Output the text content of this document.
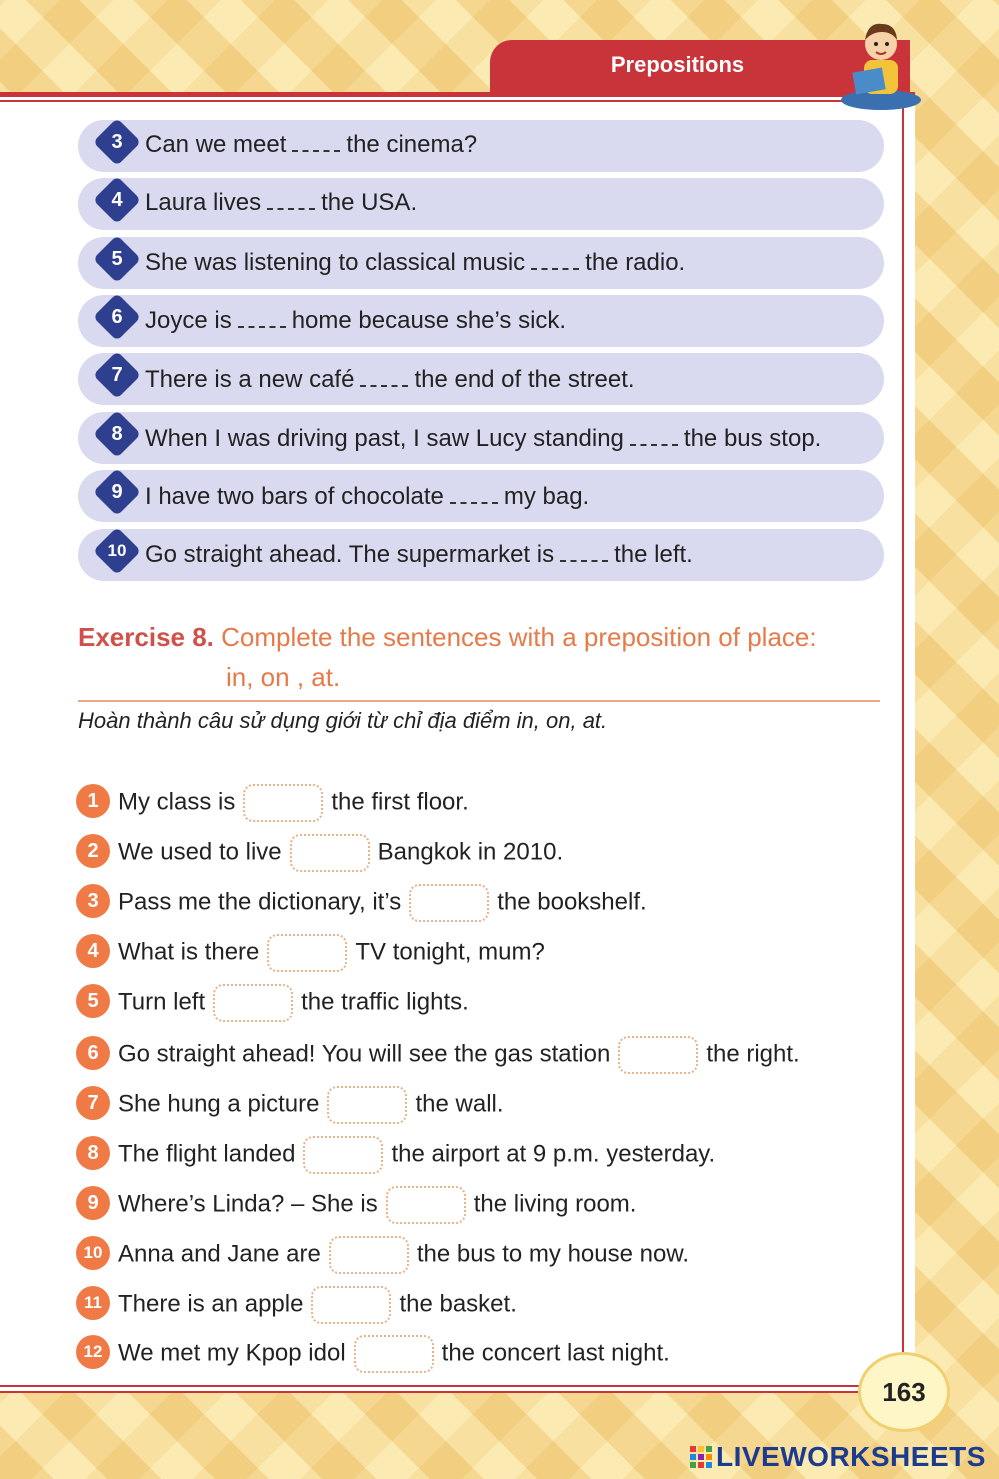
Prepositions
3 Can we meet	the cinema?
4 Laura lives	the USA.
5 She was listening to classical music	the radio.
6 Joyce is	home because she’s sick.
7 There is a new café	the end of the street.
8 When I was driving past, I saw Lucy standing	the bus stop.
9 I have two bars of chocolate	my bag.
10 Go straight ahead. The supermarket is	the left.
Exercise 8. Complete the sentences with a preposition of place:
in, on , at.
Hoàn thành câu sử dụng giới từ chỉ địa điểm in, on, at.
1 My class is	the first floor.
2 We used to live	Bangkok in 2010.
3 Pass me the dictionary, it’s	the bookshelf.
4 What is there	TV tonight, mum?
5 Turn left	the traffic lights.
6 Go straight ahead! You will see the gas station	the right.
7 She hung a picture	the wall.
8 The flight landed	the airport at 9 p.m. yesterday.
9 Where’s Linda? – She is	the living room.
10 Anna and Jane are	the bus to my house now.
11 There is an apple	the basket.
12 We met my Kpop idol	the concert last night.
163
LIVEWORKSHEETS
